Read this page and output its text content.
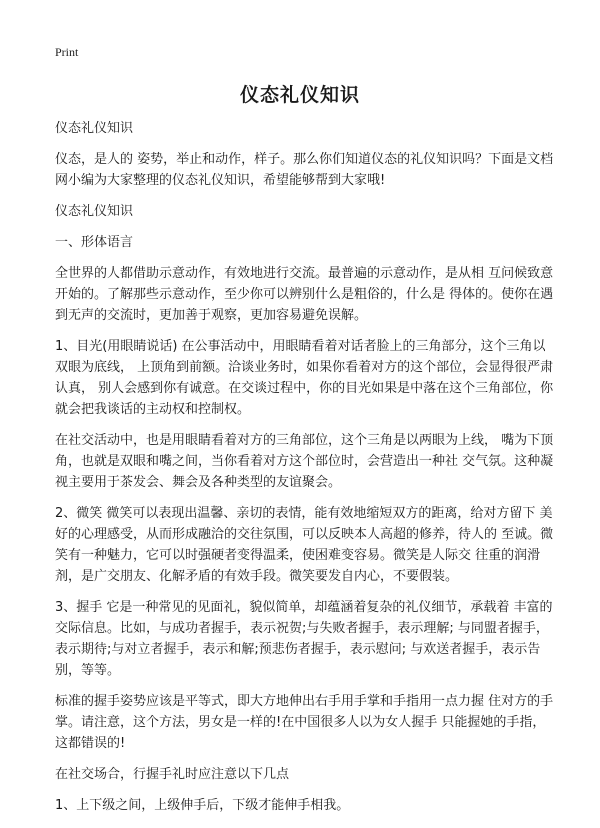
Print
仪态礼仪知识

仪态礼仪知识

仪态，是人的 姿势，举止和动作，样子。那么你们知道仪态的礼仪知识吗？下面是文档网小编为大家整理的仪态礼仪知识，希望能够帮到大家哦!

仪态礼仪知识

一、形体语言

全世界的人都借助示意动作，有效地进行交流。最普遍的示意动作，是从相 互问候致意开始的。了解那些示意动作，至少你可以辨别什么是粗俗的，什么是 得体的。使你在遇到无声的交流时，更加善于观察，更加容易避免误解。

1、目光(用眼睛说话) 在公事活动中，用眼睛看着对话者脸上的三角部分，这个三角以双眼为底线， 上顶角到前额。洽谈业务时，如果你看着对方的这个部位，会显得很严肃认真， 别人会感到你有诚意。在交谈过程中，你的目光如果是中落在这个三角部位，你 就会把我谈话的主动权和控制权。

在社交活动中，也是用眼睛看着对方的三角部位，这个三角是以两眼为上线， 嘴为下顶角，也就是双眼和嘴之间，当你看着对方这个部位时，会营造出一种社 交气氛。这种凝视主要用于茶发会、舞会及各种类型的友谊聚会。

2、微笑 微笑可以表现出温馨、亲切的表情，能有效地缩短双方的距离，给对方留下 美好的心理感受，从而形成融洽的交往氛围，可以反映本人高超的修养，待人的 至诚。微笑有一种魅力，它可以时强硬者变得温柔，使困难变容易。微笑是人际交 往重的润滑剂，是广交朋友、化解矛盾的有效手段。微笑要发自内心，不要假装。

3、握手 它是一种常见的见面礼，貌似简单，却蕴涵着复杂的礼仪细节，承载着 丰富的交际信息。比如，与成功者握手，表示祝贺;与失败者握手，表示理解; 与同盟者握手，表示期待;与对立者握手，表示和解;预悲伤者握手，表示慰问; 与欢送者握手，表示告别，等等。

标准的握手姿势应该是平等式，即大方地伸出右手用手掌和手指用一点力握 住对方的手掌。请注意，这个方法，男女是一样的!在中国很多人以为女人握手 只能握她的手指，这都错误的!

在社交场合，行握手礼时应注意以下几点

1、上下级之间，上级伸手后，下级才能伸手相我。
